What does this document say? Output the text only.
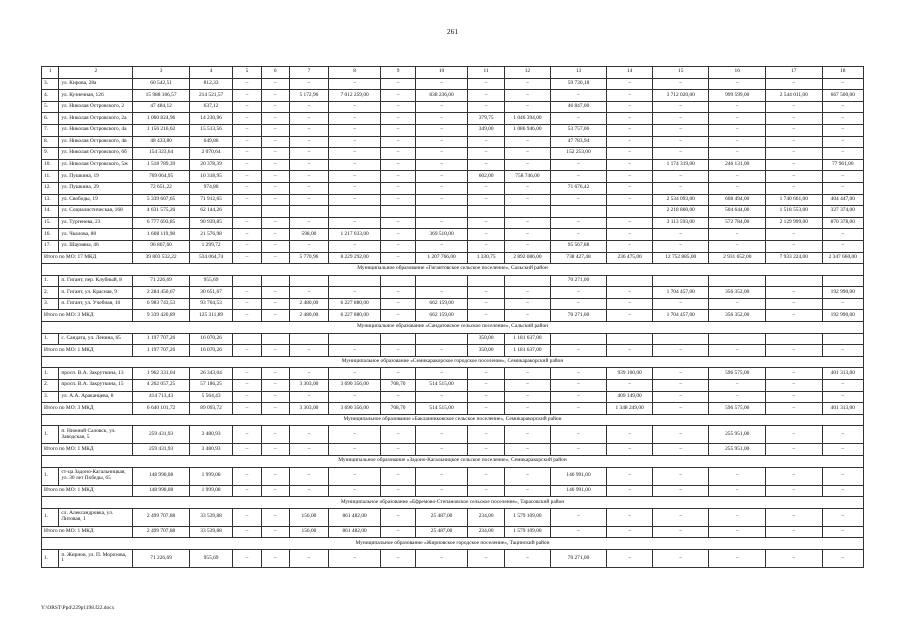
261
1	2	3	4	5	6	7	8	9	10	11	12	13	14	15	16	17	18
3.	ул. Кирова, 28а	60 542,51	812,33	–	–	–	–	–	–	–	–	59 730,18	–	–	–	–	–
4.	ул. Кузнечная, 126	15 988 166,57	214 521,57	–	–	5 172,96	7 012 259,00	–	838 236,00	–	–	–	–	3 712 020,00	999 599,00	2 544 011,00	667 500,00
5.	ул. Николая Островского, 2	47 484,12	637,12	–	–	–	–	–	–	–	–	46 847,00	–	–	–	–	–
6.	ул. Николая Островского, 2а	1 060 824,96	14 230,96	–	–	–	–	–	–	379,75	1 046 394,00	–	–	–	–	–	–
7.	ул. Николая Островского, 4а	1 156 216,62	15 513,56	–	–	–	–	–	–	349,00	1 086 946,00	53 757,06	–	–	–	–	–
8.	ул. Николая Островского, 4в	48 433,80	649,86	–	–	–	–	–	–	–	–	47 783,94	–	–	–	–	–
9.	ул. Николая Островского, 6б	154 323,64	2 070,64	–	–	–	–	–	–	–	–	152 253,00	–	–	–	–	–
10.	ул. Николая Островского, 5ж	1 518 789,39	20 378,39	–	–	–	–	–	–	–	–	–	–	1 174 319,00	246 131,00	–	77 961,00
11.	ул. Пушкина, 19	769 064,95	10 318,95	–	–	–	–	–	–	602,00	758 746,00	–	–	–	–	–	–
12.	ул. Пушкина, 29	72 651,22	974,80	–	–	–	–	–	–	–	–	71 676,42	–	–	–	–	–
13.	ул. Свободы, 19	5 339 607,65	71 912,65	–	–	–	–	–	–	–	–	–	–	2 534 093,00	608 494,00	1 740 661,00	404 447,00
14.	ул. Социалистическая, 168	4 631 575,26	62 144,26											2 218 860,00	504 644,00	1 518 553,00	327 374,00
15.	ул. Тургенева, 23	6 777 693,85	90 939,85	–	–	–	–	–	–	–	–	–	–	3 113 593,00	572 784,00	2 129 999,00	870 378,00
16.	ул. Чкалова, 88	1 608 119,98	21 576,98	–	–	598,00	1 217 033,00	–	369 510,00	–	–	–	–	–	–	–	–
17.	ул. Шаумяна, 46	96 867,60	1 299,72	–	–	–	–	–	–	–	–	95 567,88	–	–	–	–	–
Итого по МО: 17 МКД		39 803 532,22	534 064,74	–	–	5 770,96	8 229 292,00	–	1 207 766,00	1 330,75	2 892 086,00	738 427,48	236 475,00	12 752 885,00	2 931 652,00	7 933 224,00	2 347 660,00
Муниципальное образование «Гигантовское сельское поселение», Сальский район																	
1.	п. Гигант, пер. Клубный, 8	71 226,69	955,69									70 271,00					
2.	п. Гигант, ул. Красная, 9	2 284 450,67	30 651,67	–	–	–	–	–	–	–	–	–	–	1 704 457,00	356 352,00	–	192 990,00
3.	п. Гигант, ул. Учебная, 10	6 983 743,53	93 704,53	–	–	2 480,00	6 227 880,00	–	662 159,00	–	–	–	–	–	–	–	–
Итого по МО: 3 МКД		9 339 420,89	125 311,89	–	–	2 480,00	6 227 880,00	–	662 159,00	–	–	70 271,00	–	1 704 457,00	356 352,00	–	192 990,00
Муниципальное образование «Сандатовское сельское поселение», Сальский район																	
1.	с. Сандата, ул. Ленина, 65	1 197 707,26	16 070,26							350,00	1 181 637,00						
Итого по МО: 1 МКД		1 197 707,26	16 070,26	–	–	–	–	–	–	350,00	1 181 637,00	–	–	–	–	–	–
Муниципальное образование «Семикаракорское городское поселение», Семикаракорский район																	
1.	просп. В.А. Закруткина, 13	1 962 331,04	26 343,04	–	–	–	–	–	–	–	–	–	939 100,00	–	596 575,00	–	401 313,00
2.	просп. В.А. Закруткина, 15	4 262 057,25	57 186,25	–	–	3 303,00	3 690 356,00	708,70	514 515,00	–	–	–	–	–	–	–	–
3.	ул. А.А. Араканцева, 8	414 713,43	5 564,43	–	–	–	–	–	–	–	–	–	409 149,00	–	–	–	–
Итого по МО: 3 МКД		6 640 101,72	89 093,72	–	–	3 303,00	3 690 356,00	708,70	514 515,00	–	–	–	1 348 249,00	–	596 575,00	–	401 313,00
Муниципальное образование «Бакланниковское сельское поселение», Семикаракорский район																	
1.	п. Нижний Саловск, ул. Заводская, 5	259 431,93	3 480,93	–	–	–	–	–	–	–	–	–	–	–	255 951,00	–	–
Итого по МО: 1 МКД		259 431,93	3 480,93	–	–	–	–	–	–	–	–	–	–	–	255 951,00	–	–
Муниципальное образование «Задоно-Кагальницкое сельское поселение», Семикаракорский район																	
1.	ст-ца Задоно-Кагальницкая, ул. 30 лет Победы, 65	148 990,08	1 999,08	–	–	–	–	–	–	–	–	146 991,00	–	–	–	–	–
Итого по МО: 1 МКД		148 990,08	1 999,08	–	–	–	–	–	–	–	–	146 991,00	–	–	–	–	–
Муниципальное образование «Ефремово-Степановское сельское поселение», Тарасовский район																	
1.	сл. Александровка, ул. Литовая, 1	2 499 707,88	33 539,88	–	–	156,00	861 482,00	–	25 487,00	234,00	1 579 109,00	–	–	–	–	–	–
Итого по МО: 1 МКД		2 499 707,88	33 539,88	–	–	156,00	861 482,00	–	25 487,00	234,00	1 579 109,00	–	–	–	–	–	–
Муниципальное образование «Жирновское городское поселение», Тацинский район																	
1.	п. Жирнов, ул. П. Морозова, 1	71 226,69	955,69	–	–	–	–	–	–	–	–	70 271,00	–	–	–	–	–
Y:\ORST\Ppd\229p1198.f22.docx
